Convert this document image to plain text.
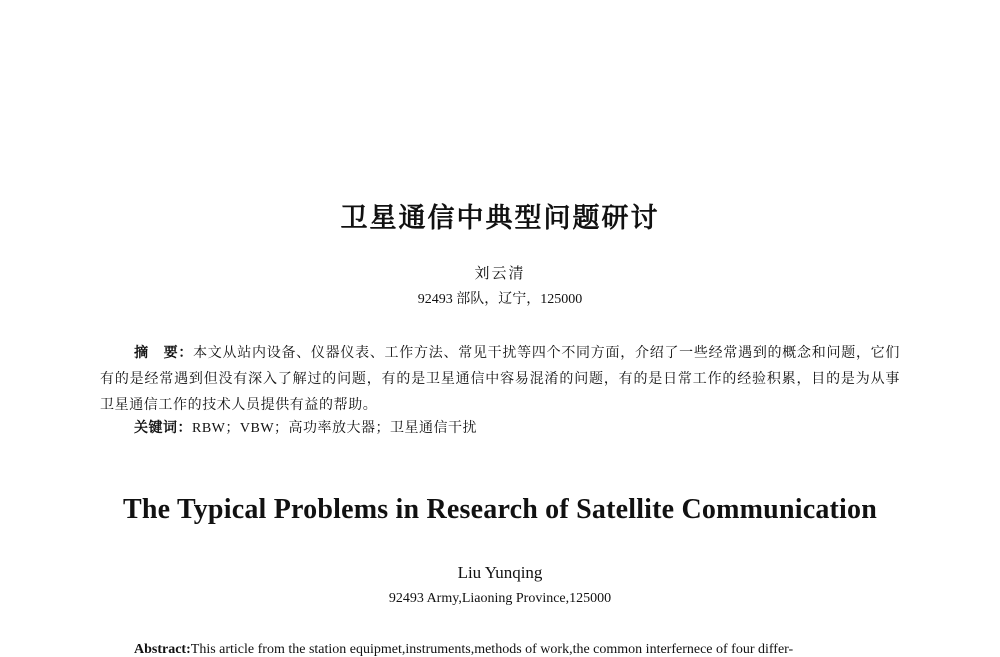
卫星通信中典型问题研讨
刘云清
92493 部队，辽宁，125000
摘　要：本文从站内设备、仪器仪表、工作方法、常见干扰等四个不同方面，介绍了一些经常遇到的概念和问题，它们有的是经常遇到但没有深入了解过的问题，有的是卫星通信中容易混淆的问题，有的是日常工作的经验积累，目的是为从事卫星通信工作的技术人员提供有益的帮助。
关键词：RBW；VBW；高功率放大器；卫星通信干扰
The Typical Problems in Research of Satellite Communication
Liu Yunqing
92493 Army,Liaoning Province,125000
Abstract:This article from the station equipmet,instruments,methods of work,the common interfernece of four differ-
